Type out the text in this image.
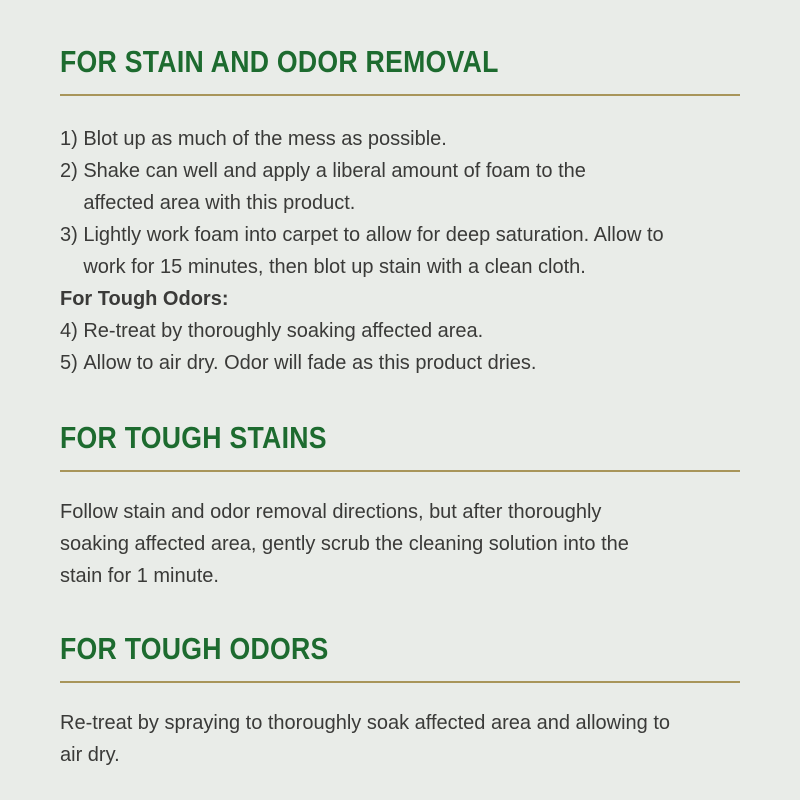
FOR STAIN AND ODOR REMOVAL
1) Blot up as much of the mess as possible.
2) Shake can well and apply a liberal amount of foam to the affected area with this product.
3) Lightly work foam into carpet to allow for deep saturation. Allow to work for 15 minutes, then blot up stain with a clean cloth.
For Tough Odors:
4) Re-treat by thoroughly soaking affected area.
5) Allow to air dry. Odor will fade as this product dries.
FOR TOUGH STAINS

Follow stain and odor removal directions, but after thoroughly soaking affected area, gently scrub the cleaning solution into the stain for 1 minute.

FOR TOUGH ODORS

Re-treat by spraying to thoroughly soak affected area and allowing to air dry.
